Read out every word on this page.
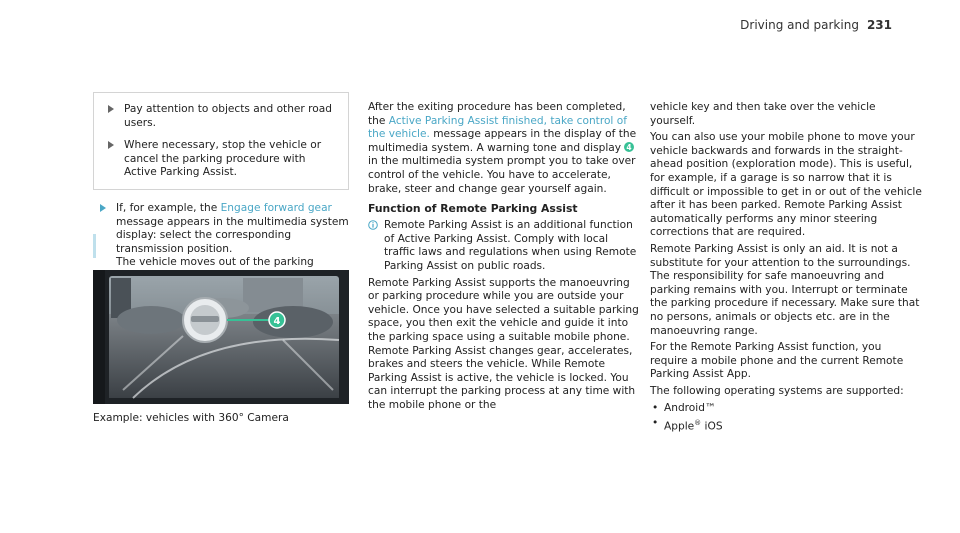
Driving and parking 231

Pay attention to objects and other road users.

Where necessary, stop the vehicle or cancel the parking procedure with Active Parking Assist.

If, for example, the Engage forward gear message appears in the multimedia system display: select the corresponding transmission position.
The vehicle moves out of the parking

4
Example: vehicles with 360° Camera

After the exiting procedure has been completed, the Active Parking Assist finished, take control of the vehicle. message appears in the display of the multimedia system. A warning tone and display 4
in the multimedia system prompt you to take over control of the vehicle. You have to accelerate, brake, steer and change gear yourself again.

Function of Remote Parking Assist

Remote Parking Assist is an additional function of Active Parking Assist. Comply with local traffic laws and regulations when using Remote Parking Assist on public roads.

Remote Parking Assist supports the manoeuvring or parking procedure while you are outside your vehicle. Once you have selected a suitable parking space, you then exit the vehicle and guide it into the parking space using a suitable mobile phone. Remote Parking Assist changes gear, accelerates, brakes and steers the vehicle. While Remote Parking Assist is active, the vehicle is locked. You can interrupt the parking process at any time with the mobile phone or the

vehicle key and then take over the vehicle yourself.

You can also use your mobile phone to move your vehicle backwards and forwards in the straight-ahead position (exploration mode). This is useful, for example, if a garage is so narrow that it is difficult or impossible to get in or out of the vehicle after it has been parked. Remote Parking Assist automatically performs any minor steering corrections that are required.

Remote Parking Assist is only an aid. It is not a substitute for your attention to the surroundings. The responsibility for safe manoeuvring and parking remains with you. Interrupt or terminate the parking procedure if necessary. Make sure that no persons, animals or objects etc. are in the manoeuvring range.

For the Remote Parking Assist function, you require a mobile phone and the current Remote Parking Assist App.

The following operating systems are supported:

• Android™
• Apple® iOS
